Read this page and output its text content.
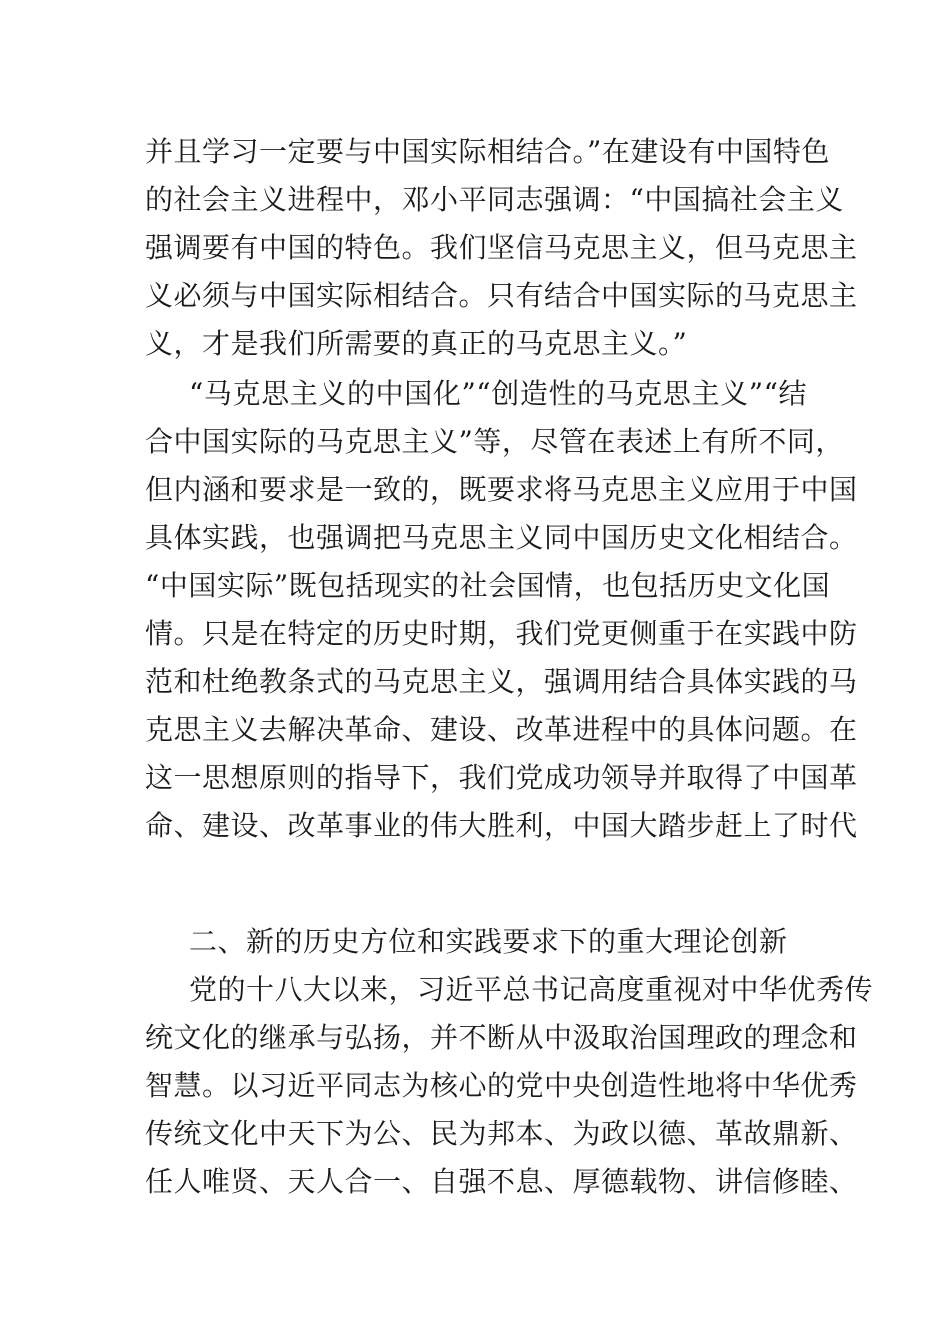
并且学习一定要与中国实际相结合。”在建设有中国特色
的社会主义进程中，邓小平同志强调：“中国搞社会主义
强调要有中国的特色。我们坚信马克思主义，但马克思主
义必须与中国实际相结合。只有结合中国实际的马克思主
义，才是我们所需要的真正的马克思主义。”
“马克思主义的中国化”“创造性的马克思主义”“结
合中国实际的马克思主义”等，尽管在表述上有所不同，
但内涵和要求是一致的，既要求将马克思主义应用于中国
具体实践，也强调把马克思主义同中国历史文化相结合。
“中国实际”既包括现实的社会国情，也包括历史文化国
情。只是在特定的历史时期，我们党更侧重于在实践中防
范和杜绝教条式的马克思主义，强调用结合具体实践的马
克思主义去解决革命、建设、改革进程中的具体问题。在
这一思想原则的指导下，我们党成功领导并取得了中国革
命、建设、改革事业的伟大胜利，中国大踏步赶上了时代
二、新的历史方位和实践要求下的重大理论创新
党的十八大以来，习近平总书记高度重视对中华优秀传
统文化的继承与弘扬，并不断从中汲取治国理政的理念和
智慧。以习近平同志为核心的党中央创造性地将中华优秀
传统文化中天下为公、民为邦本、为政以德、革故鼎新、
任人唯贤、天人合一、自强不息、厚德载物、讲信修睦、
